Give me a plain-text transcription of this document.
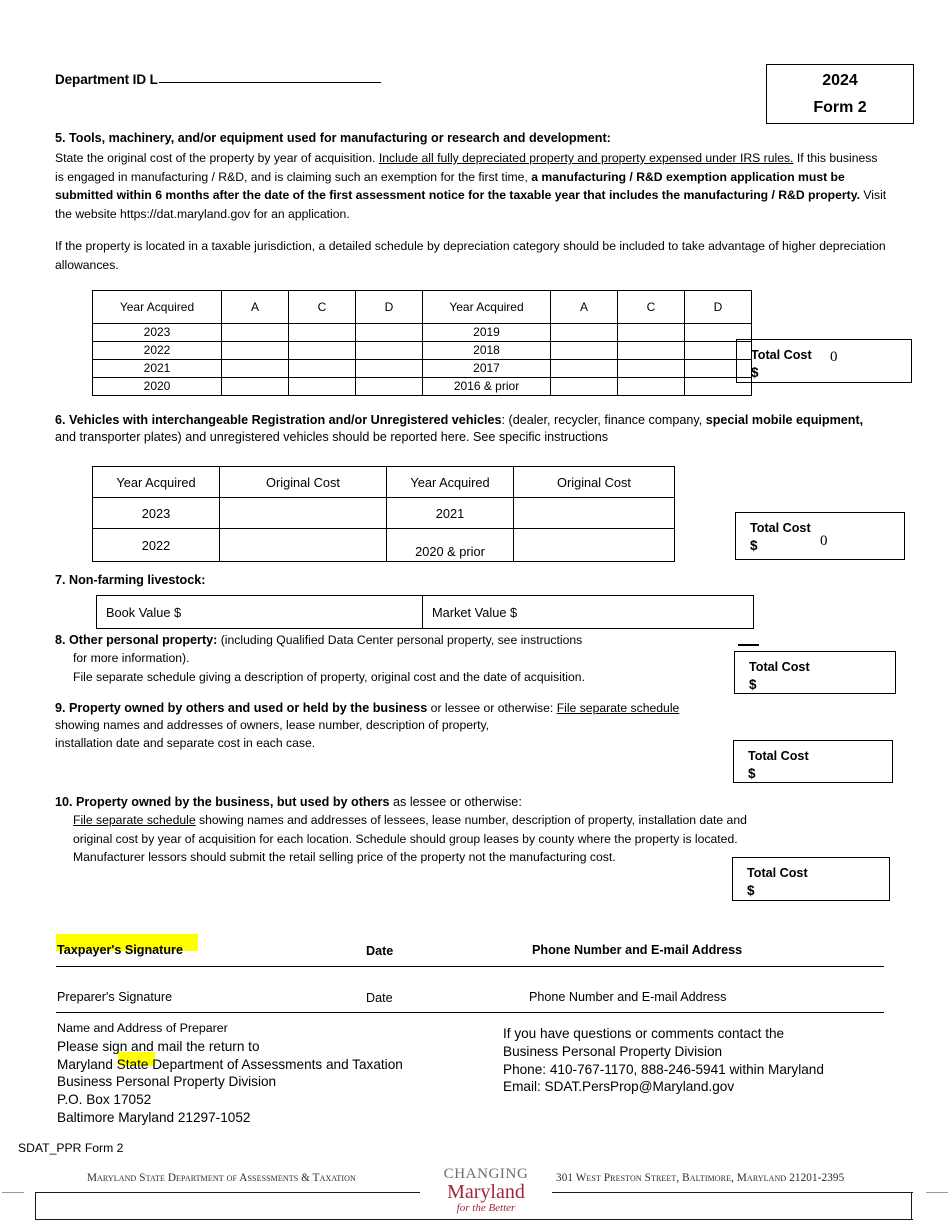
Department ID L	2024
Form 2
5. Tools, machinery, and/or equipment used for manufacturing or research and development:
State the original cost of the property by year of acquisition. Include all fully depreciated property and property expensed under IRS rules. If this business is engaged in manufacturing / R&D, and is claiming such an exemption for the first time, a manufacturing / R&D exemption application must be submitted within 6 months after the date of the first assessment notice for the taxable year that includes the manufacturing / R&D property. Visit the website https://dat.maryland.gov for an application.
If the property is located in a taxable jurisdiction, a detailed schedule by depreciation category should be included to take advantage of higher depreciation allowances.
Year Acquired	A	C	D	Year Acquired	A	C	D
2023				2019			
2022				2018			
2021				2017			
2020				2016 & prior			
Total Cost
$
0
6. Vehicles with interchangeable Registration and/or Unregistered vehicles: (dealer, recycler, finance company, special mobile equipment, and transporter plates) and unregistered vehicles should be reported here. See specific instructions
Year Acquired	Original Cost	Year Acquired	Original Cost
2023		2021	
2022		2020 & prior	
Total Cost
$	0
7. Non-farming livestock:
Book Value $	Market Value $
8. Other personal property: (including Qualified Data Center personal property, see instructions
for more information).
File separate schedule giving a description of property, original cost and the date of acquisition.
Total Cost
$
9. Property owned by others and used or held by the business or lessee or otherwise: File separate schedule showing names and addresses of owners, lease number, description of property,
installation date and separate cost in each case.
Total Cost
$
10. Property owned by the business, but used by others as lessee or otherwise:
File separate schedule showing names and addresses of lessees, lease number, description of property, installation date and
original cost by year of acquisition for each location. Schedule should group leases by county where the property is located.
Manufacturer lessors should submit the retail selling price of the property not the manufacturing cost.
Total Cost
$
Taxpayer's Signature	Date	Phone Number and E-mail Address
Preparer's Signature	Date	Phone Number and E-mail Address
Name and Address of Preparer
Please sign and mail the return to
Maryland State Department of Assessments and Taxation
Business Personal Property Division
P.O. Box 17052
Baltimore Maryland 21297-1052
If you have questions or comments contact the
Business Personal Property Division
Phone: 410-767-1170, 888-246-5941 within Maryland
Email: SDAT.PersProp@Maryland.gov
SDAT_PPR Form 2
Maryland State Department of Assessments & Taxation	301 West Preston Street, Baltimore, Maryland 21201-2395
CHANGING
Maryland
for the Better
